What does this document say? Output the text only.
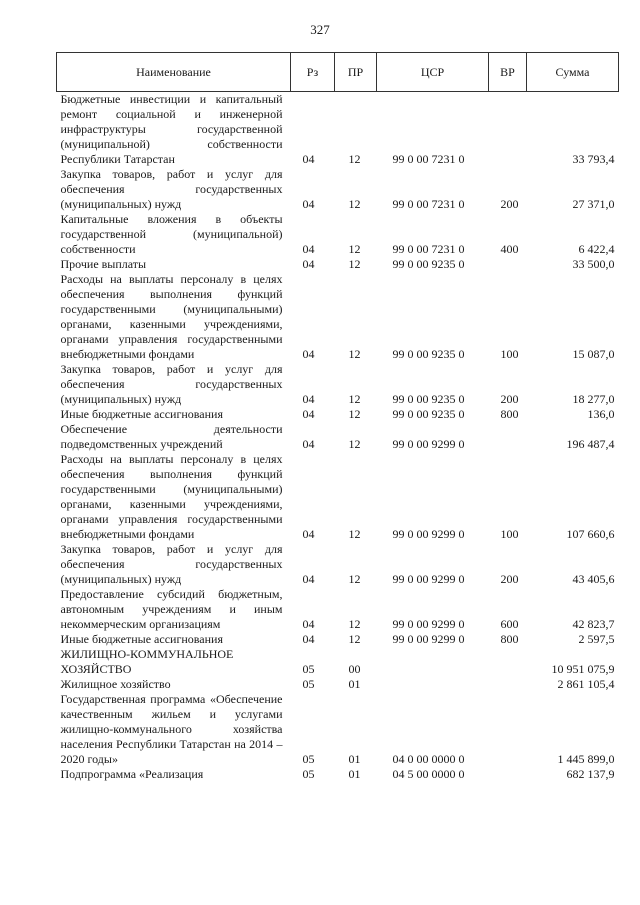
327
Наименование	Рз	ПР	ЦСР	ВР	Сумма
Бюджетные инвестиции и капитальный ремонт социальной и инженерной инфраструктуры государственной (муниципальной) собственности Республики Татарстан	04	12	99 0 00 7231 0		33 793,4
Закупка товаров, работ и услуг для обеспечения государственных (муниципальных) нужд	04	12	99 0 00 7231 0	200	27 371,0
Капитальные вложения в объекты государственной (муниципальной) собственности	04	12	99 0 00 7231 0	400	6 422,4
Прочие выплаты	04	12	99 0 00 9235 0		33 500,0
Расходы на выплаты персоналу в целях обеспечения выполнения функций государственными (муниципальными) органами, казенными учреждениями, органами управления государственными внебюджетными фондами	04	12	99 0 00 9235 0	100	15 087,0
Закупка товаров, работ и услуг для обеспечения государственных (муниципальных) нужд	04	12	99 0 00 9235 0	200	18 277,0
Иные бюджетные ассигнования	04	12	99 0 00 9235 0	800	136,0
Обеспечение деятельности подведомственных учреждений	04	12	99 0 00 9299 0		196 487,4
Расходы на выплаты персоналу в целях обеспечения выполнения функций государственными (муниципальными) органами, казенными учреждениями, органами управления государственными внебюджетными фондами	04	12	99 0 00 9299 0	100	107 660,6
Закупка товаров, работ и услуг для обеспечения государственных (муниципальных) нужд	04	12	99 0 00 9299 0	200	43 405,6
Предоставление субсидий бюджетным, автономным учреждениям и иным некоммерческим организациям	04	12	99 0 00 9299 0	600	42 823,7
Иные бюджетные ассигнования	04	12	99 0 00 9299 0	800	2 597,5
ЖИЛИЩНО-КОММУНАЛЬНОЕ ХОЗЯЙСТВО	05	00			10 951 075,9
Жилищное хозяйство	05	01			2 861 105,4
Государственная программа «Обеспечение качественным жильем и услугами жилищно-коммунального хозяйства населения Республики Татарстан на 2014 – 2020 годы»	05	01	04 0 00 0000 0		1 445 899,0
Подпрограмма «Реализация	05	01	04 5 00 0000 0		682 137,9
